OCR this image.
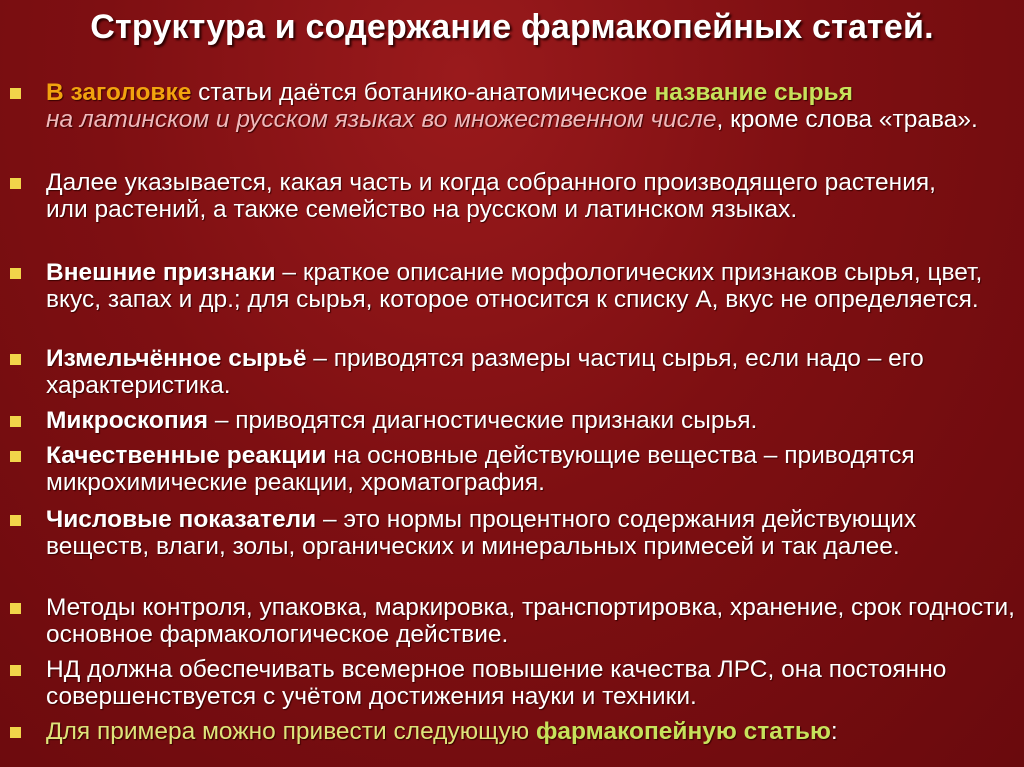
Структура и содержание фармакопейных статей.
В заголовке статьи даётся ботанико-анатомическое название сырья
на латинском и русском языках во множественном числе, кроме слова «трава».
Далее указывается, какая часть и когда собранного производящего растения, или растений, а также семейство на русском и латинском языках.
Внешние признаки – краткое описание морфологических признаков сырья, цвет, вкус, запах и др.; для сырья, которое относится к списку А, вкус не определяется.
Измельчённое сырьё – приводятся размеры частиц сырья, если надо – его характеристика.
Микроскопия – приводятся диагностические признаки сырья.
Качественные реакции на основные действующие вещества – приводятся микрохимические реакции, хроматография.
Числовые показатели – это нормы процентного содержания действующих веществ, влаги, золы, органических и минеральных примесей и так далее.
Методы контроля, упаковка, маркировка, транспортировка, хранение, срок годности, основное фармакологическое действие.
НД должна обеспечивать всемерное повышение качества ЛРС, она постоянно совершенствуется с учётом достижения науки и техники.
Для примера можно привести следующую фармакопейную статью:
